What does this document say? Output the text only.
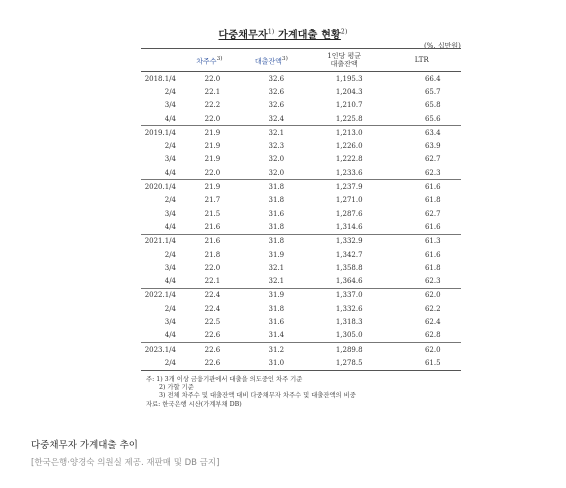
다중채무자$^{1)}$ 가계대출 현황$^{2)}$
(%, 십만원)
	차주수$^{3)}$	대출잔액$^{3)}$	1인당 평균
대출잔액	LTR
2018.1/4	22.0	32.6	1,195.3	66.4
2/4	22.1	32.6	1,204.3	65.7
3/4	22.2	32.6	1,210.7	65.8
4/4	22.0	32.4	1,225.8	65.6
2019.1/4	21.9	32.1	1,213.0	63.4
2/4	21.9	32.3	1,226.0	63.9
3/4	21.9	32.0	1,222.8	62.7
4/4	22.0	32.0	1,233.6	62.3
2020.1/4	21.9	31.8	1,237.9	61.6
2/4	21.7	31.8	1,271.0	61.8
3/4	21.5	31.6	1,287.6	62.7
4/4	21.6	31.8	1,314.6	61.6
2021.1/4	21.6	31.8	1,332.9	61.3
2/4	21.8	31.9	1,342.7	61.6
3/4	22.0	32.1	1,358.8	61.8
4/4	22.1	32.1	1,364.6	62.3
2022.1/4	22.4	31.9	1,337.0	62.0
2/4	22.4	31.8	1,332.6	62.2
3/4	22.5	31.6	1,318.3	62.4
4/4	22.6	31.4	1,305.0	62.8
2023.1/4	22.6	31.2	1,289.8	62.0
2/4	22.6	31.0	1,278.5	61.5
주: 1) 3개 이상 금융기관에서 대출을 의도중인 차주 기준
2) 가할 기준
3) 전체 차주수 및 대출잔액 대비 다중채무자 차주수 및 대출잔액의 비중
자료: 한국은행 시산(가계부채 DB)
다중채무자 가계대출 추이
[한국은행·양경숙 의원실 제공. 재판매 및 DB 금지]
